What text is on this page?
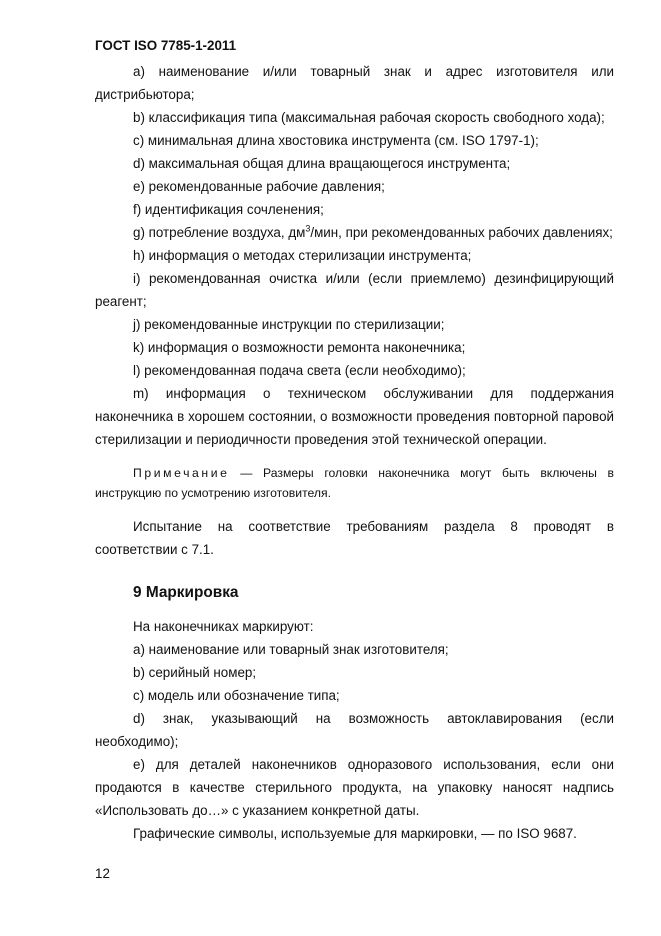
ГОСТ ISO 7785-1-2011

a) наименование и/или товарный знак и адрес изготовителя или дистрибьютора;

b) классификация типа (максимальная рабочая скорость свободного хода);

c) минимальная длина хвостовика инструмента (см. ISO 1797-1);

d) максимальная общая длина вращающегося инструмента;

e) рекомендованные рабочие давления;

f) идентификация сочленения;

g) потребление воздуха, $дм^3$/мин, при рекомендованных рабочих давлениях;

h) информация о методах стерилизации инструмента;

i) рекомендованная очистка и/или (если приемлемо) дезинфицирующий реагент;

j) рекомендованные инструкции по стерилизации;

k) информация о возможности ремонта наконечника;

l) рекомендованная подача света (если необходимо);

m) информация о техническом обслуживании для поддержания наконечника в хорошем состоянии, о возможности проведения повторной паровой стерилизации и периодичности проведения этой технической операции.

Примечание — Размеры головки наконечника могут быть включены в инструкцию по усмотрению изготовителя.

Испытание на соответствие требованиям раздела 8 проводят в соответствии с 7.1.

9 Маркировка

На наконечниках маркируют:

a) наименование или товарный знак изготовителя;

b) серийный номер;

c) модель или обозначение типа;

d) знак, указывающий на возможность автоклавирования (если необходимо);

e) для деталей наконечников одноразового использования, если они продаются в качестве стерильного продукта, на упаковку наносят надпись «Использовать до…» с указанием конкретной даты.

Графические символы, используемые для маркировки, — по ISO 9687.

12
